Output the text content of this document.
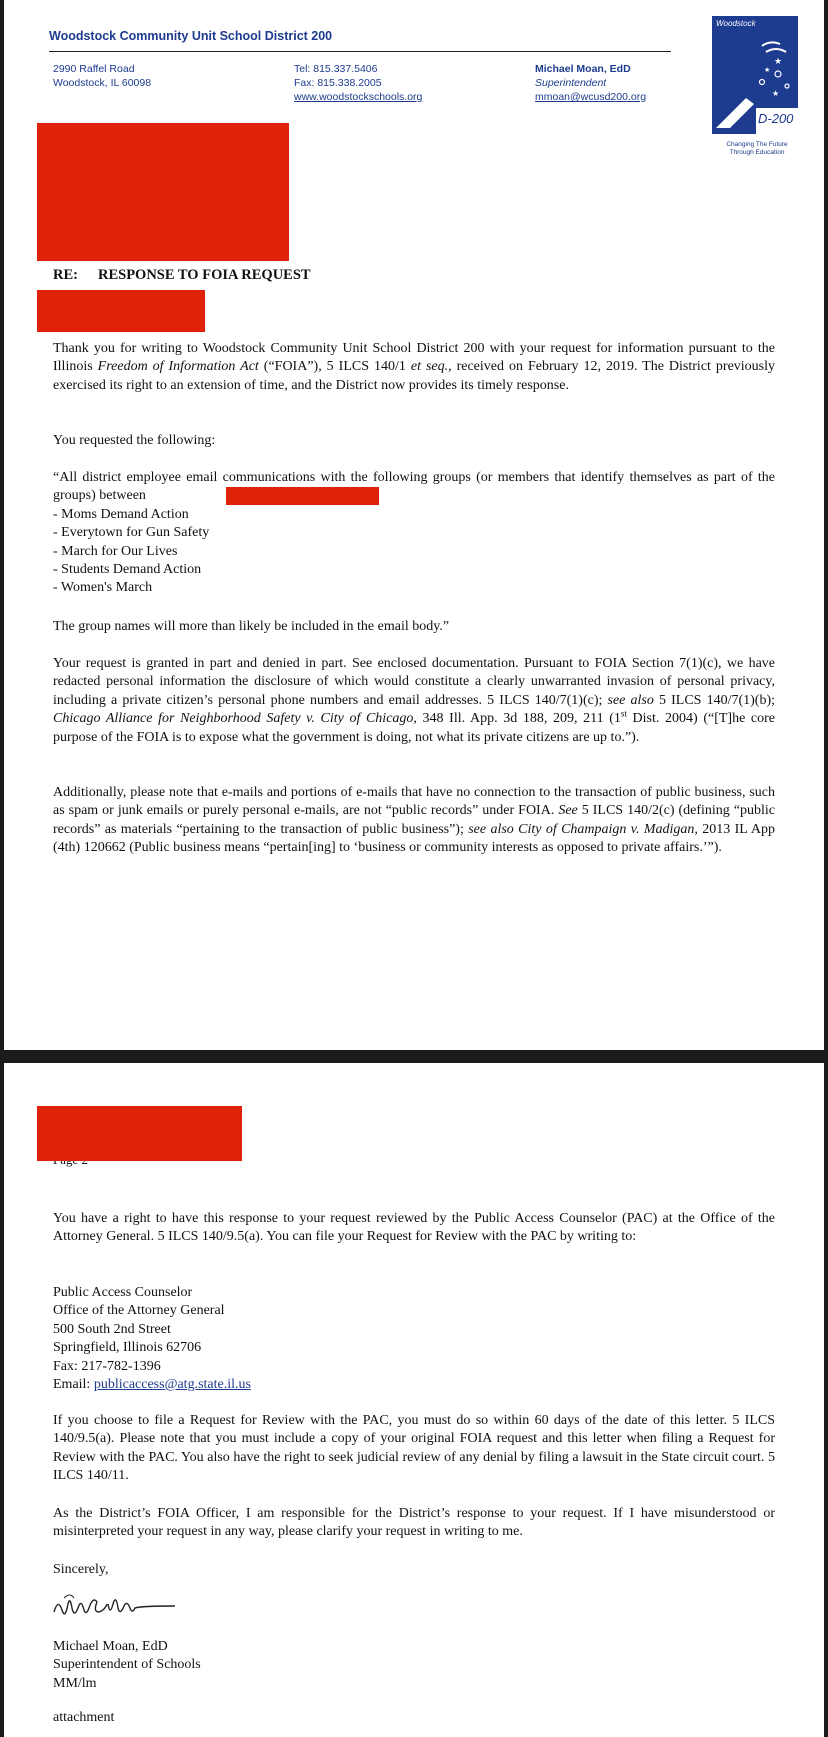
Woodstock Community Unit School District 200
2990 Raffel Road
Woodstock, IL 60098
Tel: 815.337.5406
Fax: 815.338.2005
www.woodstockschools.org
Michael Moan, EdD
Superintendent
mmoan@wcusd200.org
Woodstock
★
★
★
D-200
Changing The Future
Through Education
RE: RESPONSE TO FOIA REQUEST

Thank you for writing to Woodstock Community Unit School District 200 with your request for information pursuant to the Illinois Freedom of Information Act (“FOIA”), 5 ILCS 140/1 et seq., received on February 12, 2019. The District previously exercised its right to an extension of time, and the District now provides its timely response.

You requested the following:

“All district employee email communications with the following groups (or members that identify themselves as part of the groups) between

- Moms Demand Action
- Everytown for Gun Safety
- March for Our Lives
- Students Demand Action
- Women's March
The group names will more than likely be included in the email body.”

Your request is granted in part and denied in part. See enclosed documentation. Pursuant to FOIA Section 7(1)(c), we have redacted personal information the disclosure of which would constitute a clearly unwarranted invasion of personal privacy, including a private citizen’s personal phone numbers and email addresses. 5 ILCS 140/7(1)(c); see also 5 ILCS 140/7(1)(b); Chicago Alliance for Neighborhood Safety v. City of Chicago, 348 Ill. App. 3d 188, 209, 211 (1st Dist. 2004) (“[T]he core purpose of the FOIA is to expose what the government is doing, not what its private citizens are up to.”).

Additionally, please note that e-mails and portions of e-mails that have no connection to the transaction of public business, such as spam or junk emails or purely personal e-mails, are not “public records” under FOIA. See 5 ILCS 140/2(c) (defining “public records” as materials “pertaining to the transaction of public business”); see also City of Champaign v. Madigan, 2013 IL App (4th) 120662 (Public business means “pertain[ing] to ‘business or community interests as opposed to private affairs.’”).

You have a right to have this response to your request reviewed by the Public Access Counselor (PAC) at the Office of the Attorney General. 5 ILCS 140/9.5(a). You can file your Request for Review with the PAC by writing to:
Public Access Counselor
Office of the Attorney General
500 South 2nd Street
Springfield, Illinois 62706
Fax: 217-782-1396
Email: publicaccess@atg.state.il.us
If you choose to file a Request for Review with the PAC, you must do so within 60 days of the date of this letter. 5 ILCS 140/9.5(a). Please note that you must include a copy of your original FOIA request and this letter when filing a Request for Review with the PAC. You also have the right to seek judicial review of any denial by filing a lawsuit in the State circuit court. 5 ILCS 140/11.
As the District’s FOIA Officer, I am responsible for the District’s response to your request. If I have misunderstood or misinterpreted your request in any way, please clarify your request in writing to me.
Sincerely,
Michael Moan, EdD
Superintendent of Schools
MM/lm
attachment
